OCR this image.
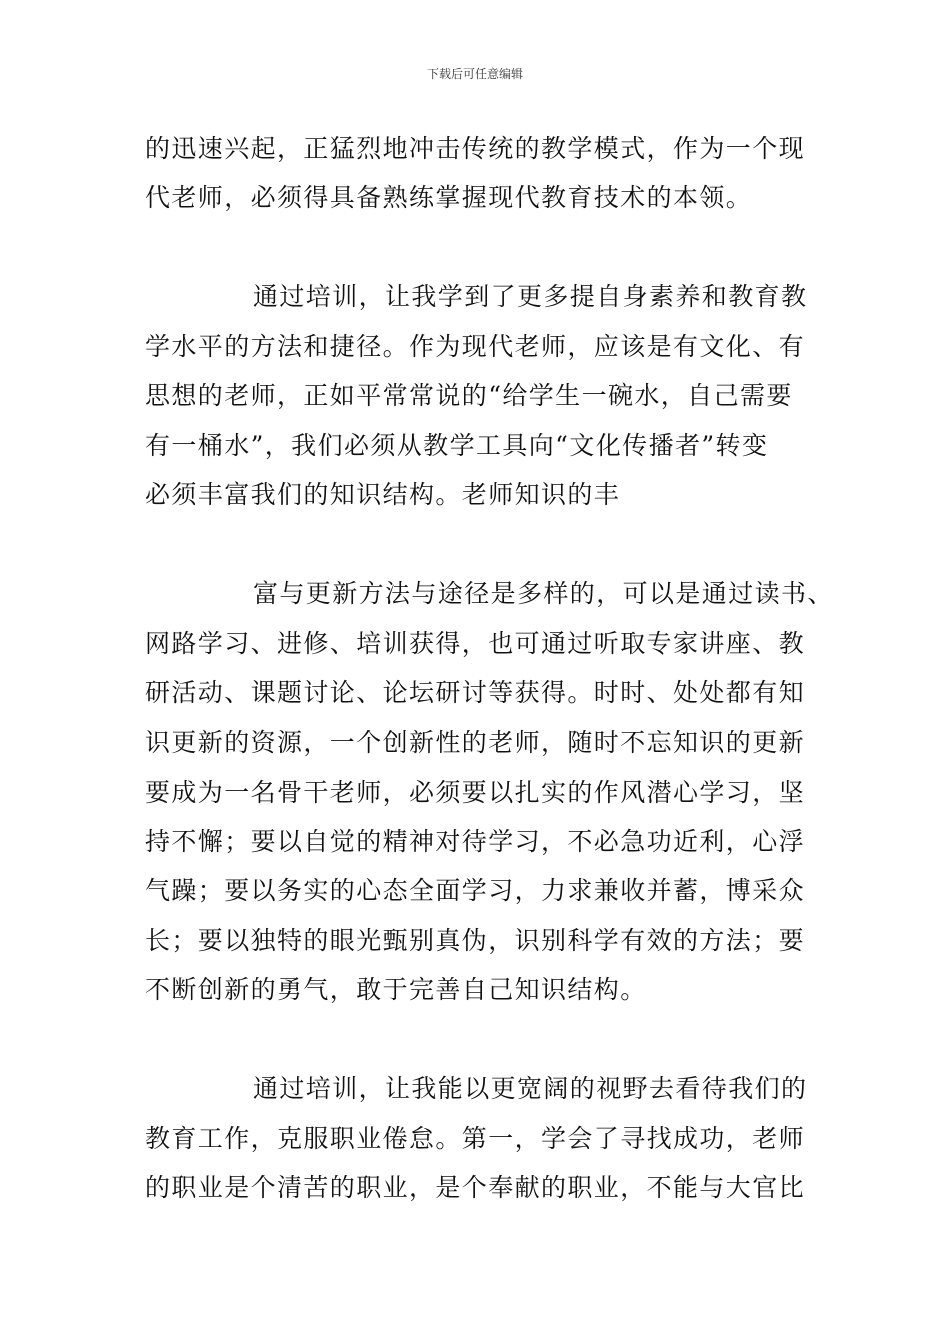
下载后可任意编辑
的迅速兴起，正猛烈地冲击传统的教学模式，作为一个现
代老师，必须得具备熟练掌握现代教育技术的本领。
通过培训，让我学到了更多提自身素养和教育教
学水平的方法和捷径。作为现代老师，应该是有文化、有
思想的老师，正如平常常说的“给学生一碗水，自己需要
有一桶水”，我们必须从教学工具向“文化传播者”转变
必须丰富我们的知识结构。老师知识的丰
富与更新方法与途径是多样的，可以是通过读书、
网路学习、进修、培训获得，也可通过听取专家讲座、教
研活动、课题讨论、论坛研讨等获得。时时、处处都有知
识更新的资源，一个创新性的老师，随时不忘知识的更新
要成为一名骨干老师，必须要以扎实的作风潜心学习，坚
持不懈；要以自觉的精神对待学习，不必急功近利，心浮
气躁；要以务实的心态全面学习，力求兼收并蓄，博采众
长；要以独特的眼光甄别真伪，识别科学有效的方法；要
不断创新的勇气，敢于完善自己知识结构。
通过培训，让我能以更宽阔的视野去看待我们的
教育工作，克服职业倦怠。第一，学会了寻找成功，老师
的职业是个清苦的职业，是个奉献的职业，不能与大官比
